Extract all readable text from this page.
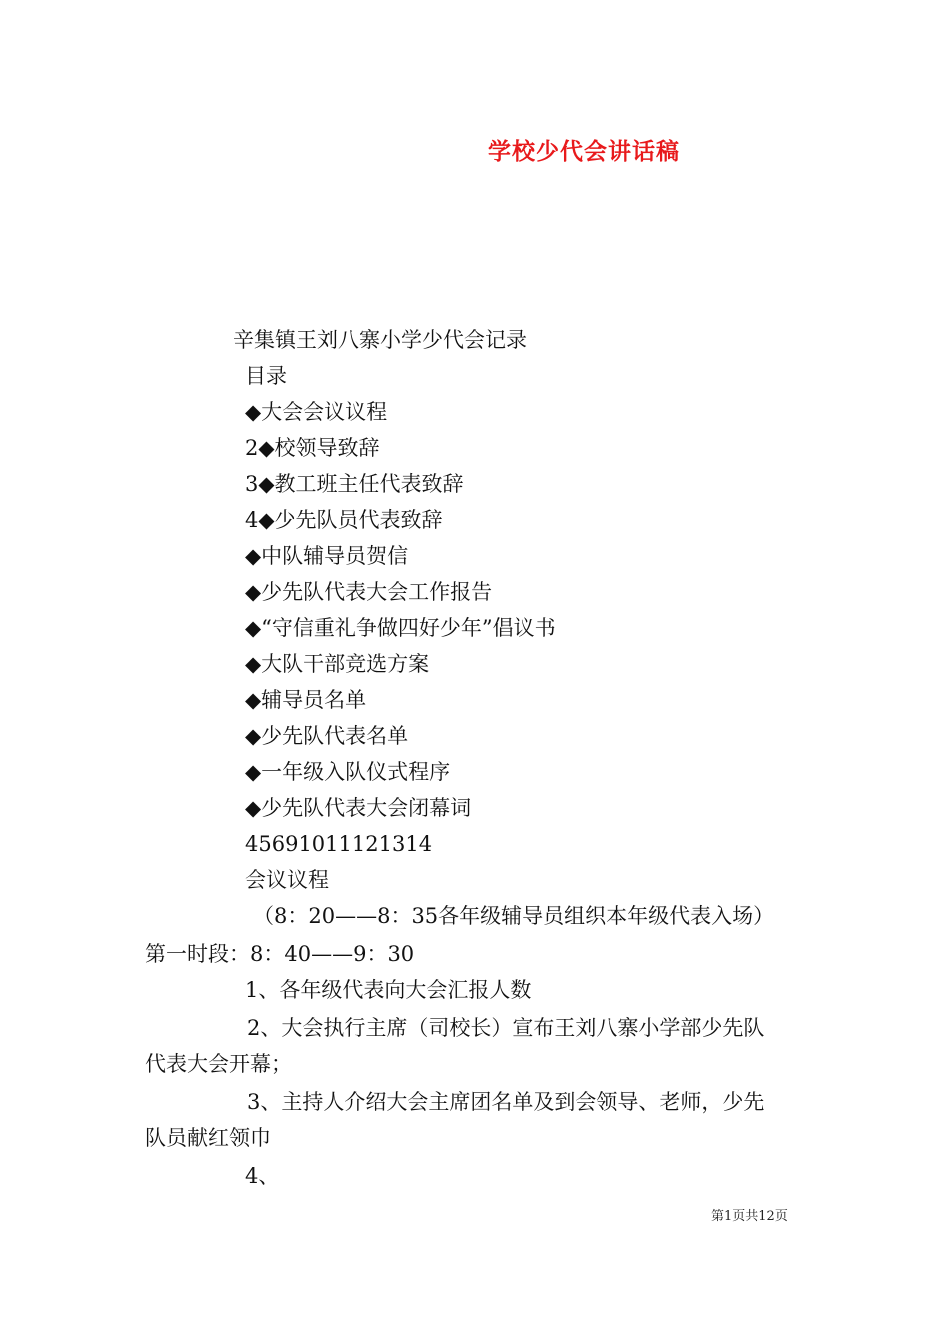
学校少代会讲话稿
辛集镇王刘八寨小学少代会记录
目录
◆大会会议议程
2◆校领导致辞
3◆教工班主任代表致辞
4◆少先队员代表致辞
◆中队辅导员贺信
◆少先队代表大会工作报告
◆“守信重礼争做四好少年”倡议书
◆大队干部竞选方案
◆辅导员名单
◆少先队代表名单
◆一年级入队仪式程序
◆少先队代表大会闭幕词
45691011121314
会议议程
（8：20——8：35各年级辅导员组织本年级代表入场）
第一时段：8：40——9：30
1、各年级代表向大会汇报人数
2、大会执行主席（司校长）宣布王刘八寨小学部少先队
代表大会开幕；
3、主持人介绍大会主席团名单及到会领导、老师，少先
队员献红领巾
4、
第1页共12页
